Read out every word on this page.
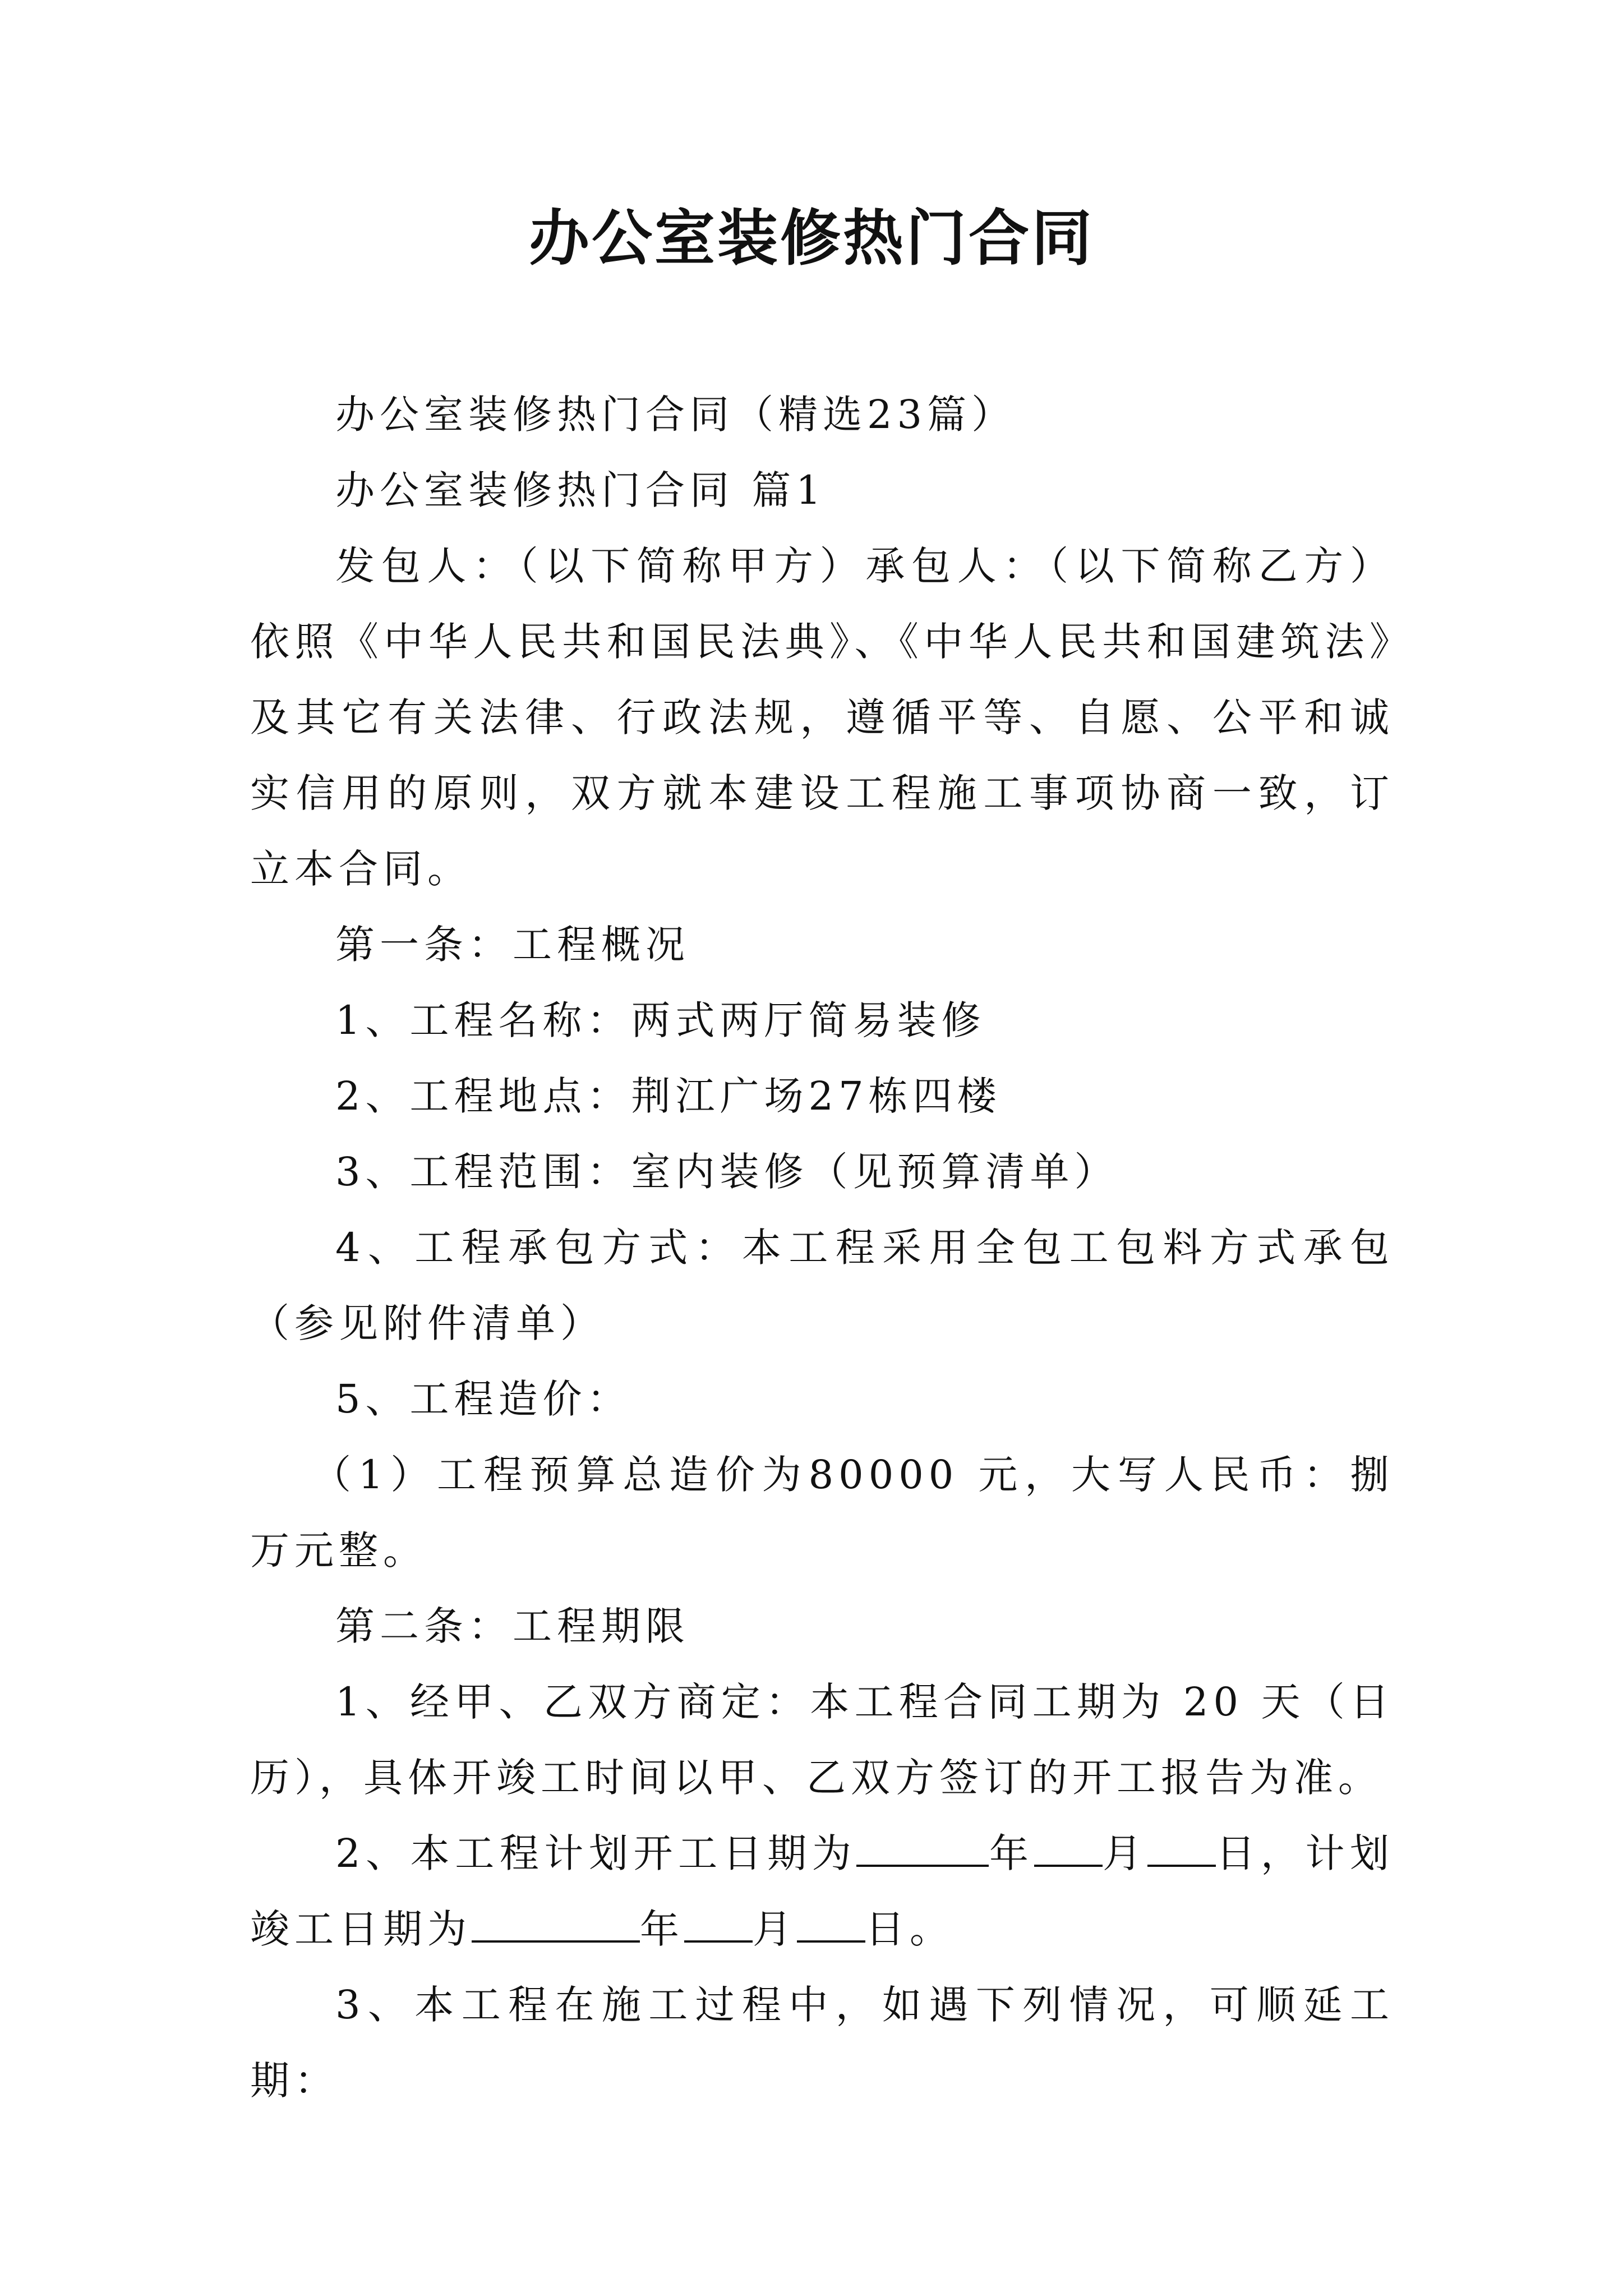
办公室装修热门合同

办公室装修热门合同（精选23篇）

办公室装修热门合同 篇1

发包人：（以下简称甲方）承包人：（以下简称乙方）依照《中华人民共和国民法典》、《中华人民共和国建筑法》及其它有关法律、行政法规，遵循平等、自愿、公平和诚实信用的原则，双方就本建设工程施工事项协商一致，订立本合同。

第一条：工程概况

1、工程名称：两式两厅简易装修

2、工程地点：荆江广场27栋四楼

3、工程范围：室内装修（见预算清单）

4、工程承包方式：本工程采用全包工包料方式承包（参见附件清单）

5、工程造价：

（1）工程预算总造价为80000 元，大写人民币：捌万元整。

第二条：工程期限

1、经甲、乙双方商定：本工程合同工期为 20 天（日历），具体开竣工时间以甲、乙双方签订的开工报告为准。

2、本工程计划开工日期为	年 月 日，计划竣工日期为	年 月 日。

3、本工程在施工过程中，如遇下列情况，可顺延工期：
